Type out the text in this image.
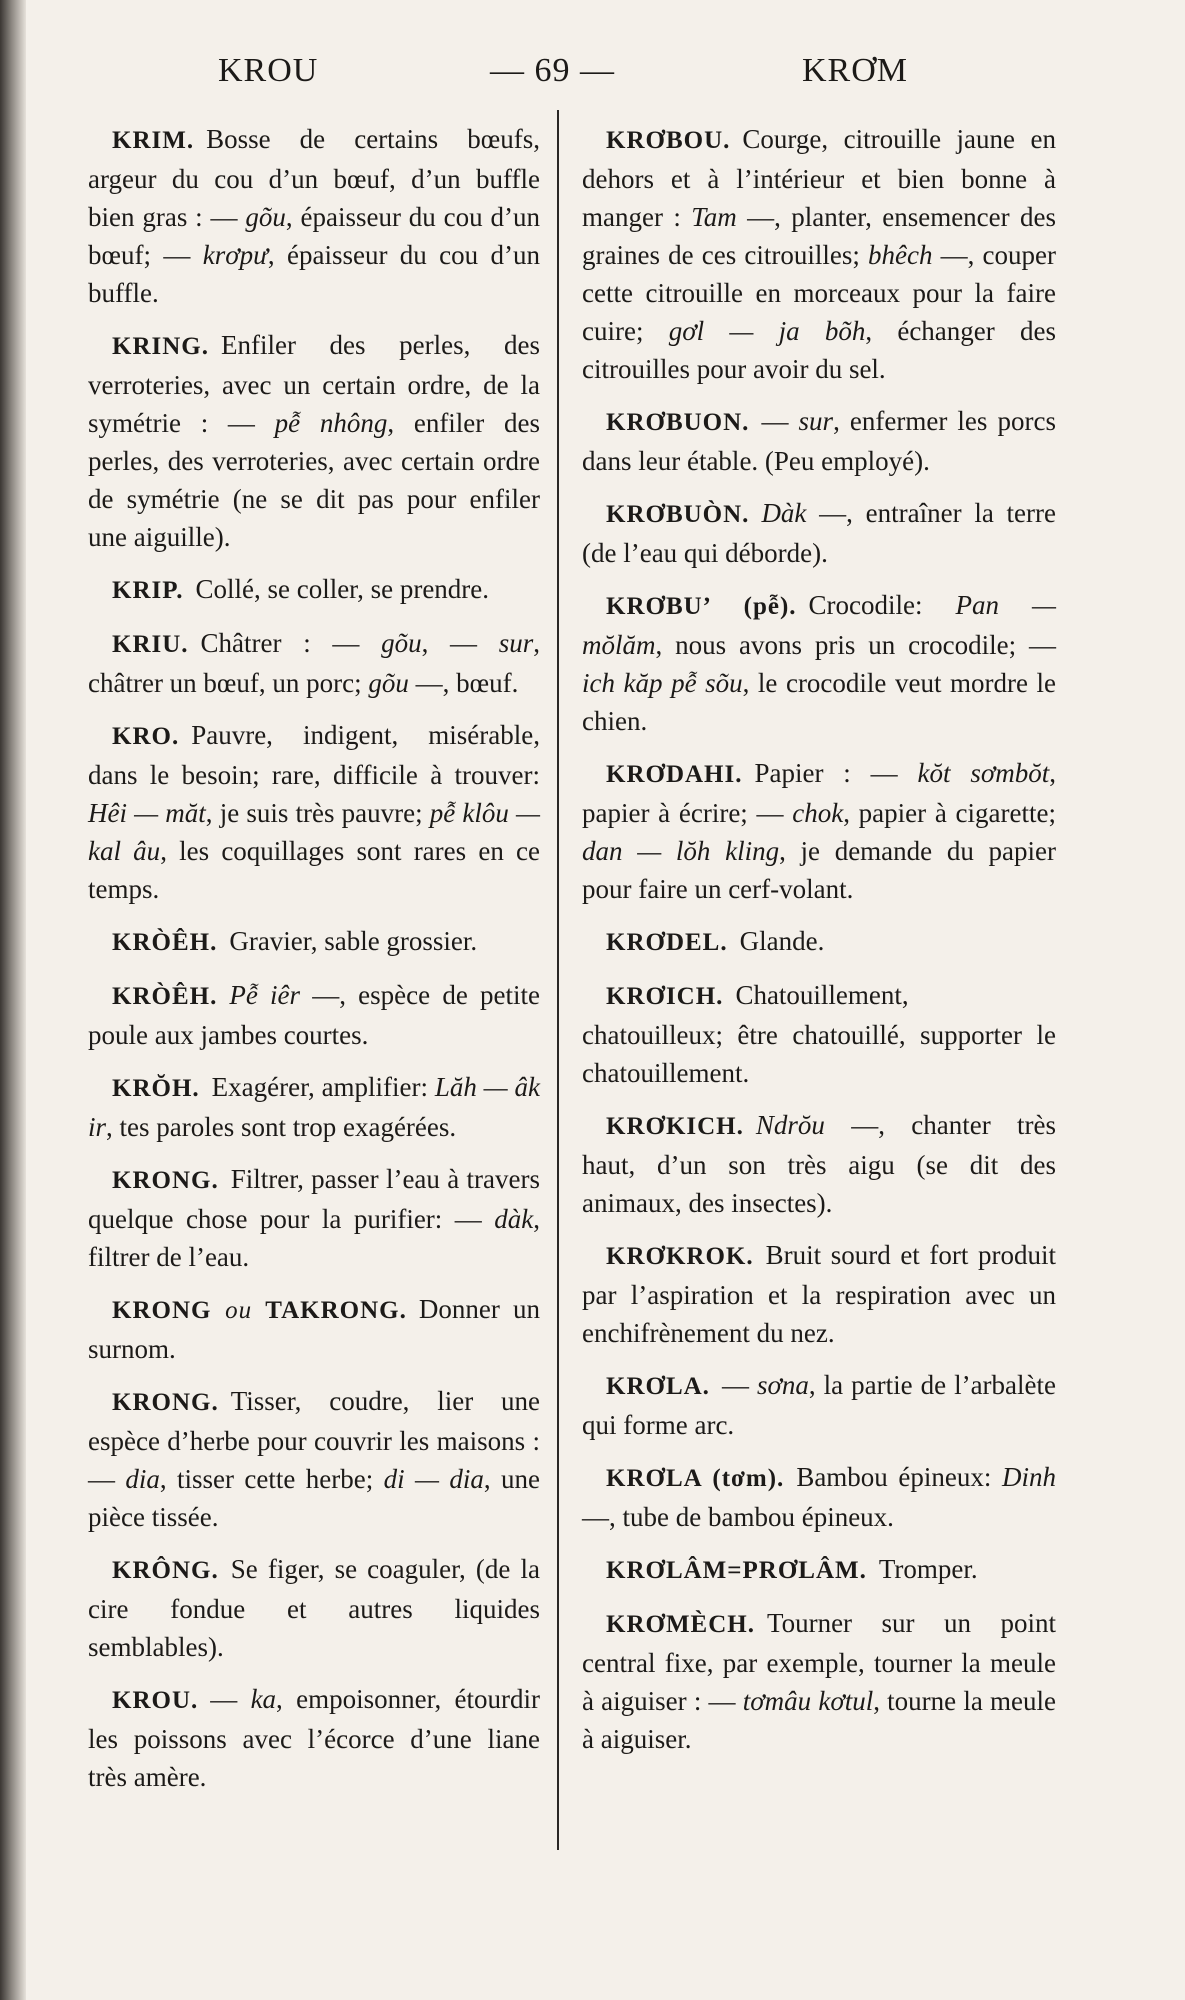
KROU	— 69 —	KRƠM

KRIM. Bosse de certains bœufs, argeur du cou d’un bœuf, d’un buffle bien gras : — gõu, épaisseur du cou d’un bœuf; — krơpư, épaisseur du cou d’un buffle.

KRING. Enfiler des perles, des verroteries, avec un certain ordre, de la symétrie : — pễ nhông, enfiler des perles, des verroteries, avec certain ordre de symétrie (ne se dit pas pour enfiler une aiguille).

KRIP. Collé, se coller, se prendre.

KRIU. Châtrer : — gõu, — sur, châtrer un bœuf, un porc; gõu —, bœuf.

KRO. Pauvre, indigent, misérable, dans le besoin; rare, difficile à trouver: Hêi — măt, je suis très pauvre; pễ klôu — kal âu, les coquillages sont rares en ce temps.

KRÒÊH. Gravier, sable grossier.

KRÒÊH. Pễ iêr —, espèce de petite poule aux jambes courtes.

KRŎH. Exagérer, amplifier: Lăh — âk ir, tes paroles sont trop exagérées.

KRONG. Filtrer, passer l’eau à travers quelque chose pour la purifier: — dàk, filtrer de l’eau.

KRONG ou TAKRONG. Donner un surnom.

KRONG. Tisser, coudre, lier une espèce d’herbe pour couvrir les maisons : — dia, tisser cette herbe; di — dia, une pièce tissée.

KRÔNG. Se figer, se coaguler, (de la cire fondue et autres liquides semblables).

KROU. — ka, empoisonner, étourdir les poissons avec l’écorce d’une liane très amère.

KRƠBOU. Courge, citrouille jaune en dehors et à l’intérieur et bien bonne à manger : Tam —, planter, ensemencer des graines de ces citrouilles; bhêch —, couper cette citrouille en morceaux pour la faire cuire; gơl — ja bõh, échanger des citrouilles pour avoir du sel.

KRƠBUON. — sur, enfermer les porcs dans leur étable. (Peu employé).

KRƠBUÒN. Dàk —, entraîner la terre (de l’eau qui déborde).

KRƠBU’ (pễ). Crocodile: Pan — mŏlăm, nous avons pris un crocodile; — ich kăp pễ sõu, le crocodile veut mordre le chien.

KRƠDAHI. Papier : — kŏt sơmbŏt, papier à écrire; — chok, papier à cigarette; dan — lŏh kling, je demande du papier pour faire un cerf-volant.

KRƠDEL. Glande.

KRƠICH. Chatouillement, chatouilleux; être chatouillé, supporter le chatouillement.

KRƠKICH. Ndrŏu —, chanter très haut, d’un son très aigu (se dit des animaux, des insectes).

KRƠKROK. Bruit sourd et fort produit par l’aspiration et la respiration avec un enchifrènement du nez.

KRƠLA. — sơna, la partie de l’arbalète qui forme arc.

KRƠLA (tơm). Bambou épineux: Dinh —, tube de bambou épineux.

KRƠLÂM=PRƠLÂM. Tromper.

KRƠMÈCH. Tourner sur un point central fixe, par exemple, tourner la meule à aiguiser : — tơmâu kơtul, tourne la meule à aiguiser.
